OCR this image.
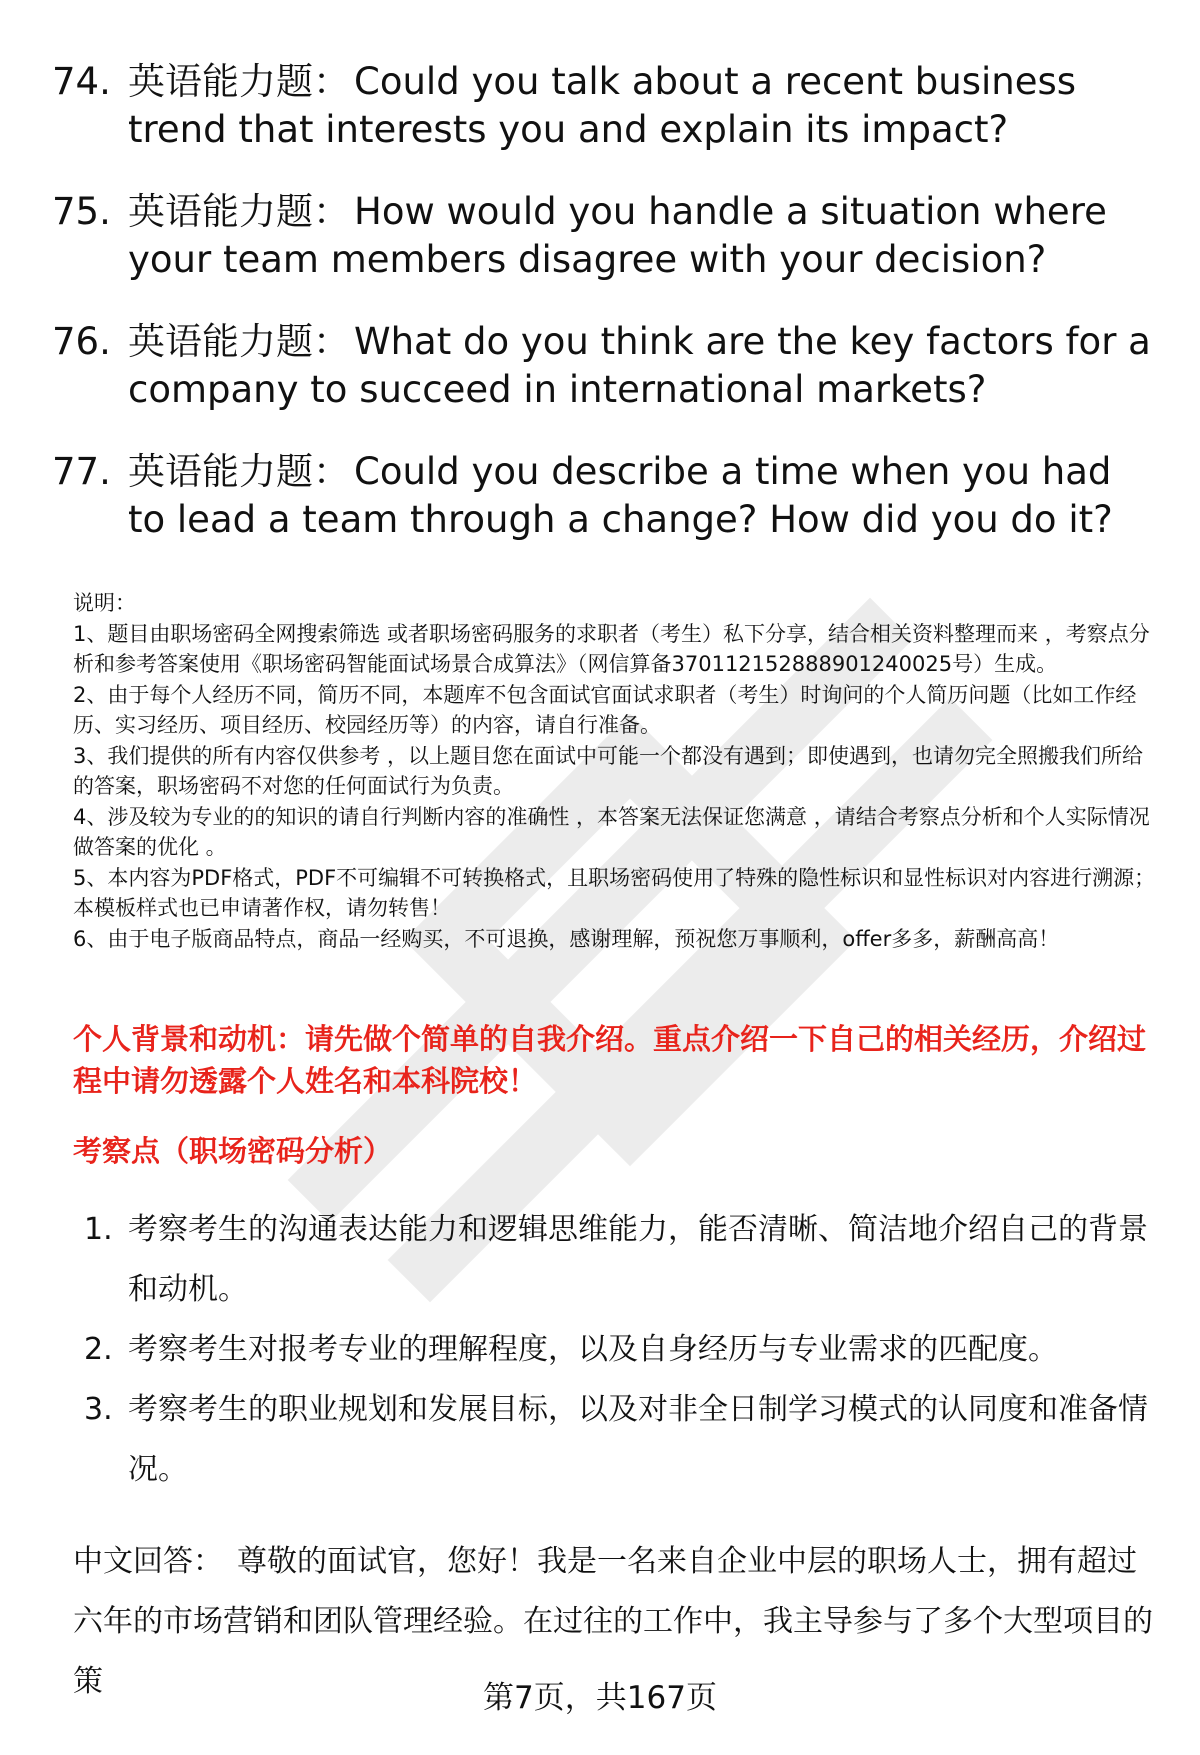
74. 英语能力题： Could you talk about a recent business trend that interests you and explain its impact?
75. 英语能力题： How would you handle a situation where your team members disagree with your decision?
76. 英语能力题： What do you think are the key factors for a company to succeed in international markets?
77. 英语能力题： Could you describe a time when you had to lead a team through a change? How did you do it?

说明：

1、题目由职场密码全网搜索筛选 或者职场密码服务的求职者（考生）私下分享，结合相关资料整理而来 ，考察点分析和参考答案使用《职场密码智能面试场景合成算法》（网信算备370112152888901240025号）生成。

2、由于每个人经历不同，简历不同，本题库不包含面试官面试求职者（考生）时询问的个人简历问题（比如工作经历、实习经历、项目经历、校园经历等）的内容，请自行准备。

3、我们提供的所有内容仅供参考 ，以上题目您在面试中可能一个都没有遇到；即使遇到，也请勿完全照搬我们所给的答案，职场密码不对您的任何面试行为负责。

4、涉及较为专业的的知识的请自行判断内容的准确性 ，本答案无法保证您满意 ，请结合考察点分析和个人实际情况做答案的优化 。

5、本内容为PDF格式，PDF不可编辑不可转换格式，且职场密码使用了特殊的隐性标识和显性标识对内容进行溯源；本模板样式也已申请著作权，请勿转售！

6、由于电子版商品特点，商品一经购买，不可退换，感谢理解，预祝您万事顺利，offer多多，薪酬高高！

个人背景和动机：请先做个简单的自我介绍。重点介绍一下自己的相关经历，介绍过程中请勿透露个人姓名和本科院校！
考察点（职场密码分析）
1. 考察考生的沟通表达能力和逻辑思维能力，能否清晰、简洁地介绍自己的背景和动机。
2. 考察考生对报考专业的理解程度，以及自身经历与专业需求的匹配度。
3. 考察考生的职业规划和发展目标，以及对非全日制学习模式的认同度和准备情况。
中文回答： 尊敬的面试官，您好！我是一名来自企业中层的职场人士，拥有超过六年的市场营销和团队管理经验。在过往的工作中，我主导参与了多个大型项目的策	第7页，共167页
